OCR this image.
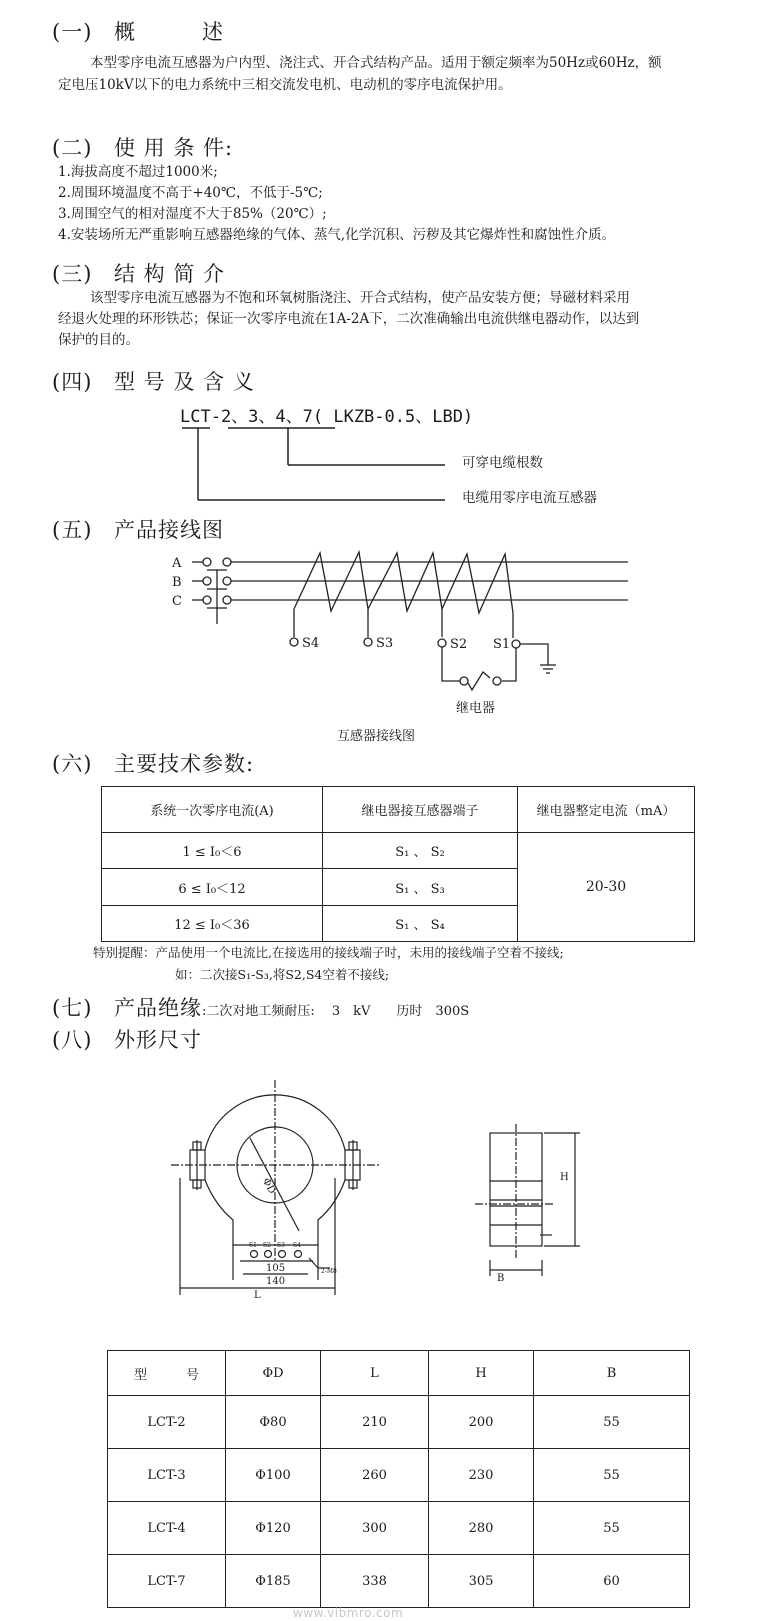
(一) 概　　　述
本型零序电流互感器为户内型、浇注式、开合式结构产品。适用于额定频率为50Hz或60Hz，额
定电压10kV以下的电力系统中三相交流发电机、电动机的零序电流保护用。
(二) 使 用 条 件:
1.海拔高度不超过1000米;
2.周围环境温度不高于+40℃，不低于-5℃;
3.周围空气的相对湿度不大于85%（20℃）;
4.安装场所无严重影响互感器绝缘的气体、蒸气,化学沉积、污秽及其它爆炸性和腐蚀性介质。
(三) 结 构 简 介
该型零序电流互感器为不饱和环氧树脂浇注、开合式结构，使产品安装方便；导磁材料采用
经退火处理的环形铁芯；保证一次零序电流在1A-2A下，二次准确输出电流供继电器动作，以达到
保护的目的。
(四) 型 号 及 含 义
LCT-2、3、4、7( LKZB-0.5、LBD)
可穿电缆根数
电缆用零序电流互感器
(五) 产品接线图
A
B
C
S4	S3	S2 S1
继电器
互感器接线图
(六) 主要技术参数:
系统一次零序电流(A)	继电器接互感器端子	继电器整定电流（mA）
1 ≤ I₀＜6	S₁ 、 S₂	20-30
6 ≤ I₀＜12	S₁ 、 S₃	
12 ≤ I₀＜36	S₁ 、 S₄	
特别提醒：产品使用一个电流比,在接选用的接线端子时，未用的接线端子空着不接线;
如：二次接S₁-S₃,将S2,S4空着不接线;
(七) 产品绝缘:二次对地工频耐压:　 3　kV　　历时　300S
(八) 外形尺寸
ΦD
S1 S2 S3 S4
105
140
L
2-M8
H
B
型　　　号	ΦD	L	H	B
LCT-2	Φ80	210	200	55
LCT-3	Φ100	260	230	55
LCT-4	Φ120	300	280	55
LCT-7	Φ185	338	305	60
www.vibmro.com
